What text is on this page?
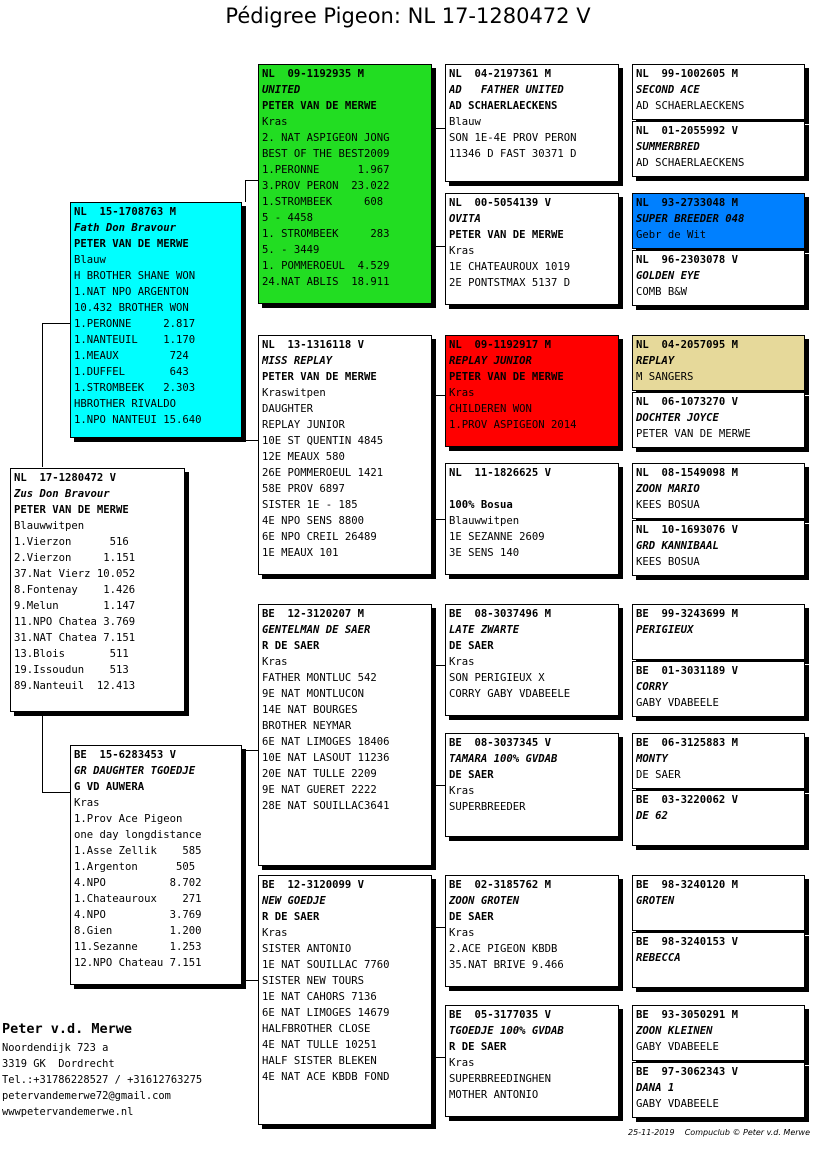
Pédigree Pigeon: NL 17-1280472 V
NL  17-1280472 V
Zus Don Bravour
PETER VAN DE MERWE
Blauwwitpen
1.Vierzon      516
2.Vierzon     1.151
37.Nat Vierz 10.052
8.Fontenay    1.426
9.Melun       1.147
11.NPO Chatea 3.769
31.NAT Chatea 7.151
13.Blois       511
19.Issoudun    513
89.Nanteuil  12.413
NL  15-1708763 M
Fath Don Bravour
PETER VAN DE MERWE
Blauw
H BROTHER SHANE WON
1.NAT NPO ARGENTON
10.432 BROTHER WON
1.PERONNE     2.817
1.NANTEUIL    1.170
1.MEAUX        724
1.DUFFEL       643
1.STROMBEEK   2.303
HBROTHER RIVALDO
1.NPO NANTEUI 15.640
BE  15-6283453 V
GR DAUGHTER TGOEDJE
G VD AUWERA
Kras
1.Prov Ace Pigeon
one day longdistance
1.Asse Zellik    585
1.Argenton      505
4.NPO          8.702
1.Chateauroux    271
4.NPO          3.769
8.Gien         1.200
11.Sezanne     1.253
12.NPO Chateau 7.151
NL  09-1192935 M
UNITED
PETER VAN DE MERWE
Kras
2. NAT ASPIGEON JONG
BEST OF THE BEST2009
1.PERONNE      1.967
3.PROV PERON  23.022
1.STROMBEEK     608
5 - 4458
1. STROMBEEK     283
5. - 3449
1. POMMEROEUL  4.529
24.NAT ABLIS  18.911
NL  13-1316118 V
MISS REPLAY
PETER VAN DE MERWE
Kraswitpen
DAUGHTER
REPLAY JUNIOR
10E ST QUENTIN 4845
12E MEAUX 580
26E POMMEROEUL 1421
58E PROV 6897
SISTER 1E - 185
4E NPO SENS 8800
6E NPO CREIL 26489
1E MEAUX 101
BE  12-3120207 M
GENTELMAN DE SAER
R DE SAER
Kras
FATHER MONTLUC 542
9E NAT MONTLUCON
14E NAT BOURGES
BROTHER NEYMAR
6E NAT LIMOGES 18406
10E NAT LASOUT 11236
20E NAT TULLE 2209
9E NAT GUERET 2222
28E NAT SOUILLAC3641
BE  12-3120099 V
NEW GOEDJE
R DE SAER
Kras
SISTER ANTONIO
1E NAT SOUILLAC 7760
SISTER NEW TOURS
1E NAT CAHORS 7136
6E NAT LIMOGES 14679
HALFBROTHER CLOSE
4E NAT TULLE 10251
HALF SISTER BLEKEN
4E NAT ACE KBDB FOND
NL  04-2197361 M
AD   FATHER UNITED
AD SCHAERLAECKENS
Blauw
SON 1E-4E PROV PERON
11346 D FAST 30371 D
NL  00-5054139 V
OVITA
PETER VAN DE MERWE
Kras
1E CHATEAUROUX 1019
2E PONTSTMAX 5137 D
NL  09-1192917 M
REPLAY JUNIOR
PETER VAN DE MERWE
Kras
CHILDEREN WON
1.PROV ASPIGEON 2014
NL  11-1826625 V
100% Bosua
Blauwwitpen
1E SEZANNE 2609
3E SENS 140
BE  08-3037496 M
LATE ZWARTE
DE SAER
Kras
SON PERIGIEUX X
CORRY GABY VDABEELE
BE  08-3037345 V
TAMARA 100% GVDAB
DE SAER
Kras
SUPERBREEDER
BE  02-3185762 M
ZOON GROTEN
DE SAER
Kras
2.ACE PIGEON KBDB
35.NAT BRIVE 9.466
BE  05-3177035 V
TGOEDJE 100% GVDAB
R DE SAER
Kras
SUPERBREEDINGHEN
MOTHER ANTONIO
NL  99-1002605 M
SECOND ACE
AD SCHAERLAECKENS
NL  01-2055992 V
SUMMERBRED
AD SCHAERLAECKENS
NL  93-2733048 M
SUPER BREEDER 048
Gebr de Wit
NL  96-2303078 V
GOLDEN EYE
COMB B&W
NL  04-2057095 M
REPLAY
M SANGERS
NL  06-1073270 V
DOCHTER JOYCE
PETER VAN DE MERWE
NL  08-1549098 M
ZOON MARIO
KEES BOSUA
NL  10-1693076 V
GRD KANNIBAAL
KEES BOSUA
BE  99-3243699 M
PERIGIEUX
BE  01-3031189 V
CORRY
GABY VDABEELE
BE  06-3125883 M
MONTY
DE SAER
BE  03-3220062 V
DE 62
BE  98-3240120 M
GROTEN
BE  98-3240153 V
REBECCA
BE  93-3050291 M
ZOON KLEINEN
GABY VDABEELE
BE  97-3062343 V
DANA 1
GABY VDABEELE
Peter v.d. Merwe
Noordendijk 723 a
3319 GK  Dordrecht
Tel.:+31786228527 / +31612763275
petervandemerwe72@gmail.com
wwwpetervandemerwe.nl
25-11-2019 Compuclub © Peter v.d. Merwe
